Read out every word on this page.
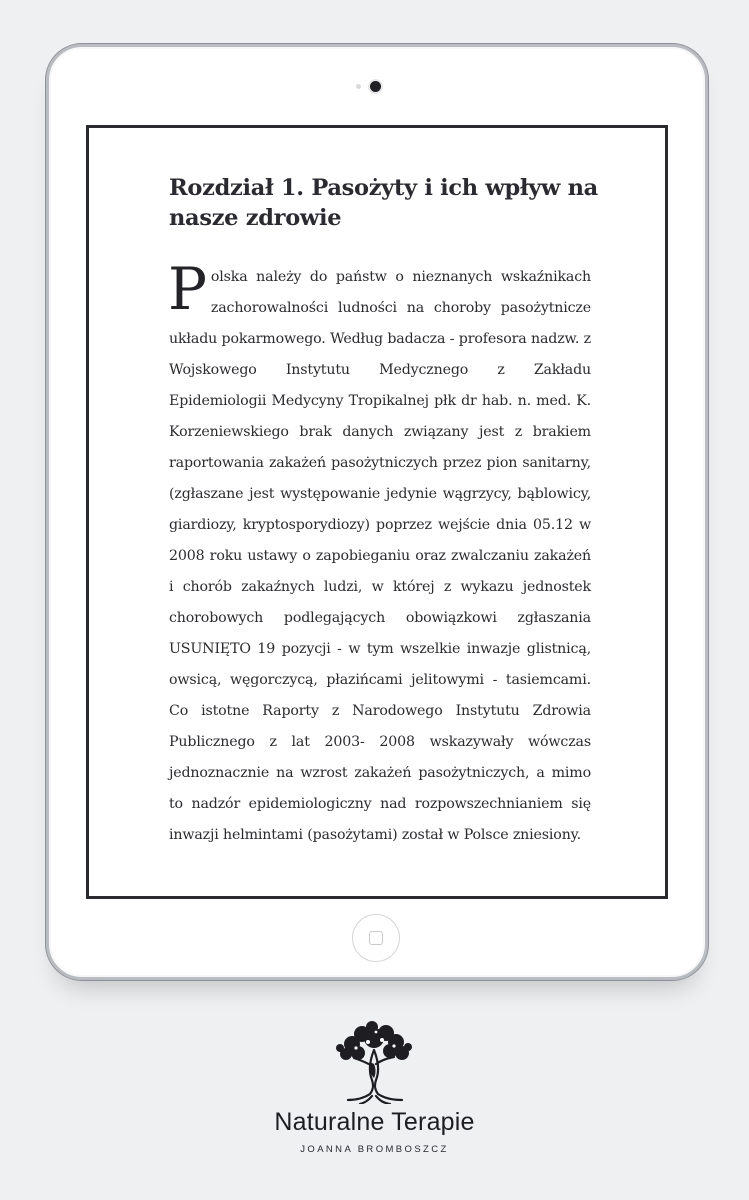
Rozdział 1. Pasożyty i ich wpływ na nasze zdrowie

Polska należy do państw o nieznanych wskaźnikach zachorowalności ludności na choroby pasożytnicze układu pokarmowego. Według badacza - profesora nadzw. z Wojskowego Instytutu Medycznego z Zakładu Epidemiologii Medycyny Tropikalnej płk dr hab. n. med. K. Korzeniewskiego brak danych związany jest z brakiem raportowania zakażeń pasożytniczych przez pion sanitarny, (zgłaszane jest występowanie jedynie wągrzycy, bąblowicy, giardiozy, kryptosporydiozy) poprzez wejście dnia 05.12 w 2008 roku ustawy o zapobieganiu oraz zwalczaniu zakażeń i chorób zakaźnych ludzi, w której z wykazu jednostek chorobowych podlegających obowiązkowi zgłaszania USUNIĘTO 19 pozycji - w tym wszelkie inwazje glistnicą, owsicą, węgorczycą, płazińcami jelitowymi - tasiemcami. Co istotne Raporty z Narodowego Instytutu Zdrowia Publicznego z lat 2003- 2008 wskazywały wówczas jednoznacznie na wzrost zakażeń pasożytniczych, a mimo to nadzór epidemiologiczny nad rozpowszechnianiem się inwazji helmintami (pasożytami) został w Polsce zniesiony.

Naturalne Terapie
JOANNA BROMBOSZCZ
